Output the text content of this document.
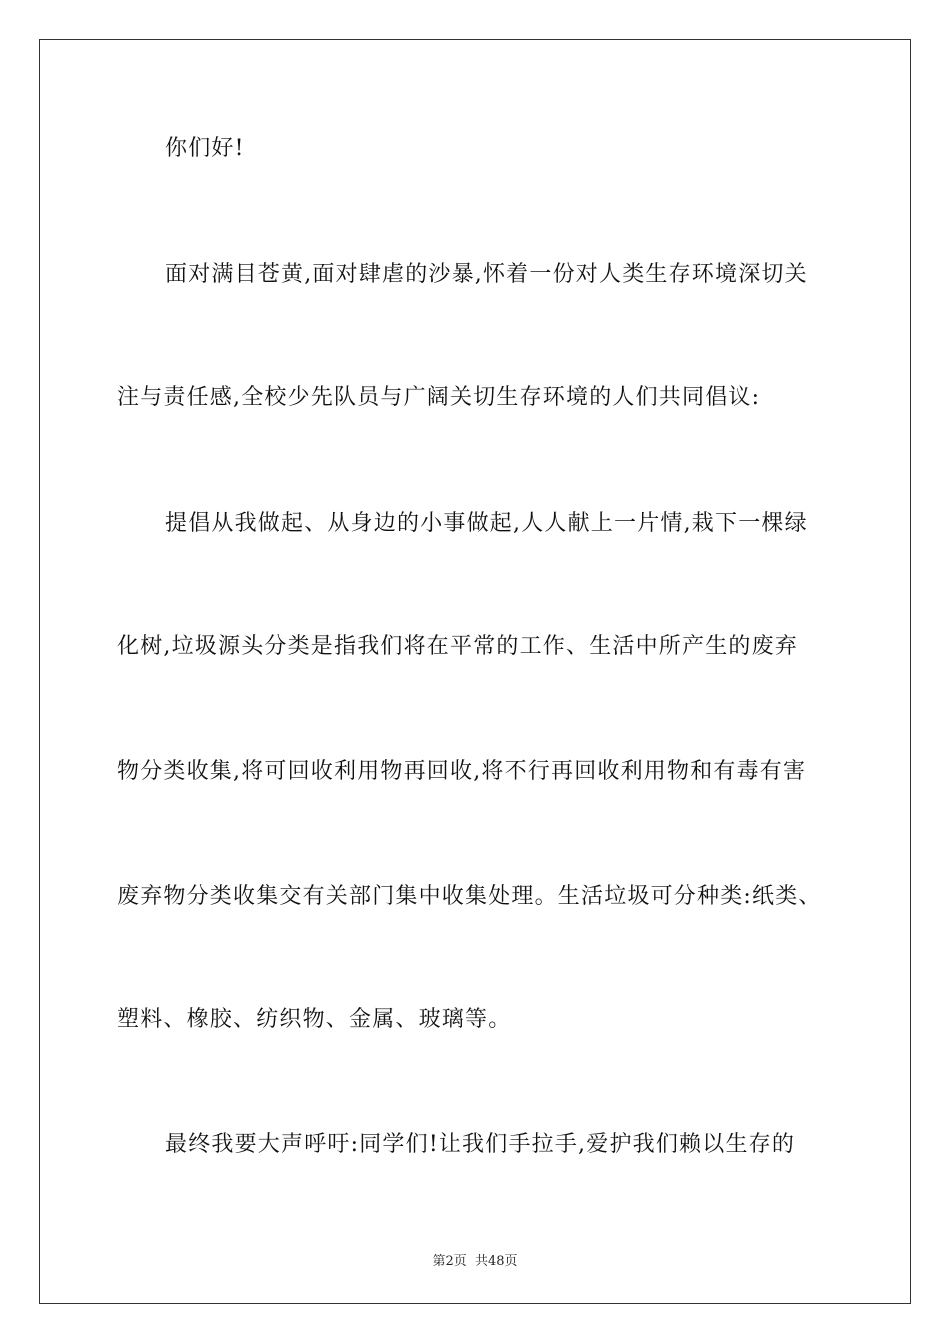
你们好!
面对满目苍黄,面对肆虐的沙暴,怀着一份对人类生存环境深切关
注与责任感,全校少先队员与广阔关切生存环境的人们共同倡议:
提倡从我做起、从身边的小事做起,人人献上一片情,栽下一棵绿
化树,垃圾源头分类是指我们将在平常的工作、生活中所产生的废弃
物分类收集,将可回收利用物再回收,将不行再回收利用物和有毒有害
废弃物分类收集交有关部门集中收集处理。生活垃圾可分种类:纸类、
塑料、橡胶、纺织物、金属、玻璃等。
最终我要大声呼吁:同学们!让我们手拉手,爱护我们赖以生存的
第2页  共48页
